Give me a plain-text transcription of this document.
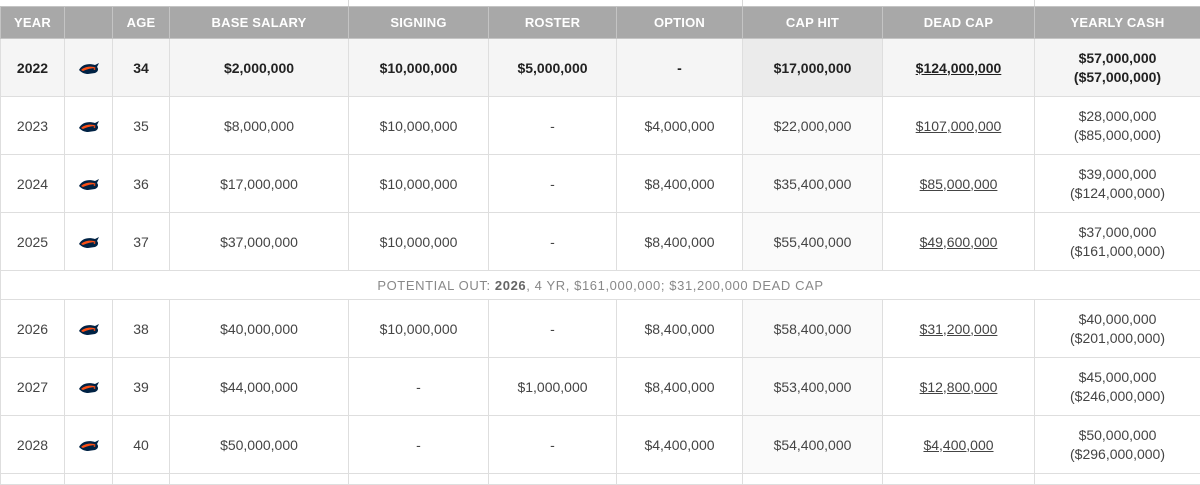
YEAR		AGE	BASE SALARY	SIGNING	ROSTER	OPTION	CAP HIT	DEAD CAP	YEARLY CASH
2022		34	$2,000,000	$10,000,000	$5,000,000	-	$17,000,000	$124,000,000	$57,000,000
($57,000,000)

2023		35	$8,000,000	$10,000,000	-	$4,000,000	$22,000,000	$107,000,000	$28,000,000
($85,000,000)

2024		36	$17,000,000	$10,000,000	-	$8,400,000	$35,400,000	$85,000,000	$39,000,000
($124,000,000)

2025		37	$37,000,000	$10,000,000	-	$8,400,000	$55,400,000	$49,600,000	$37,000,000
($161,000,000)

POTENTIAL OUT: 2026, 4 YR, $161,000,000; $31,200,000 DEAD CAP									
2026		38	$40,000,000	$10,000,000	-	$8,400,000	$58,400,000	$31,200,000	$40,000,000
($201,000,000)

2027		39	$44,000,000	-	$1,000,000	$8,400,000	$53,400,000	$12,800,000	$45,000,000
($246,000,000)

2028		40	$50,000,000	-	-	$4,400,000	$54,400,000	$4,400,000	$50,000,000
($296,000,000)
